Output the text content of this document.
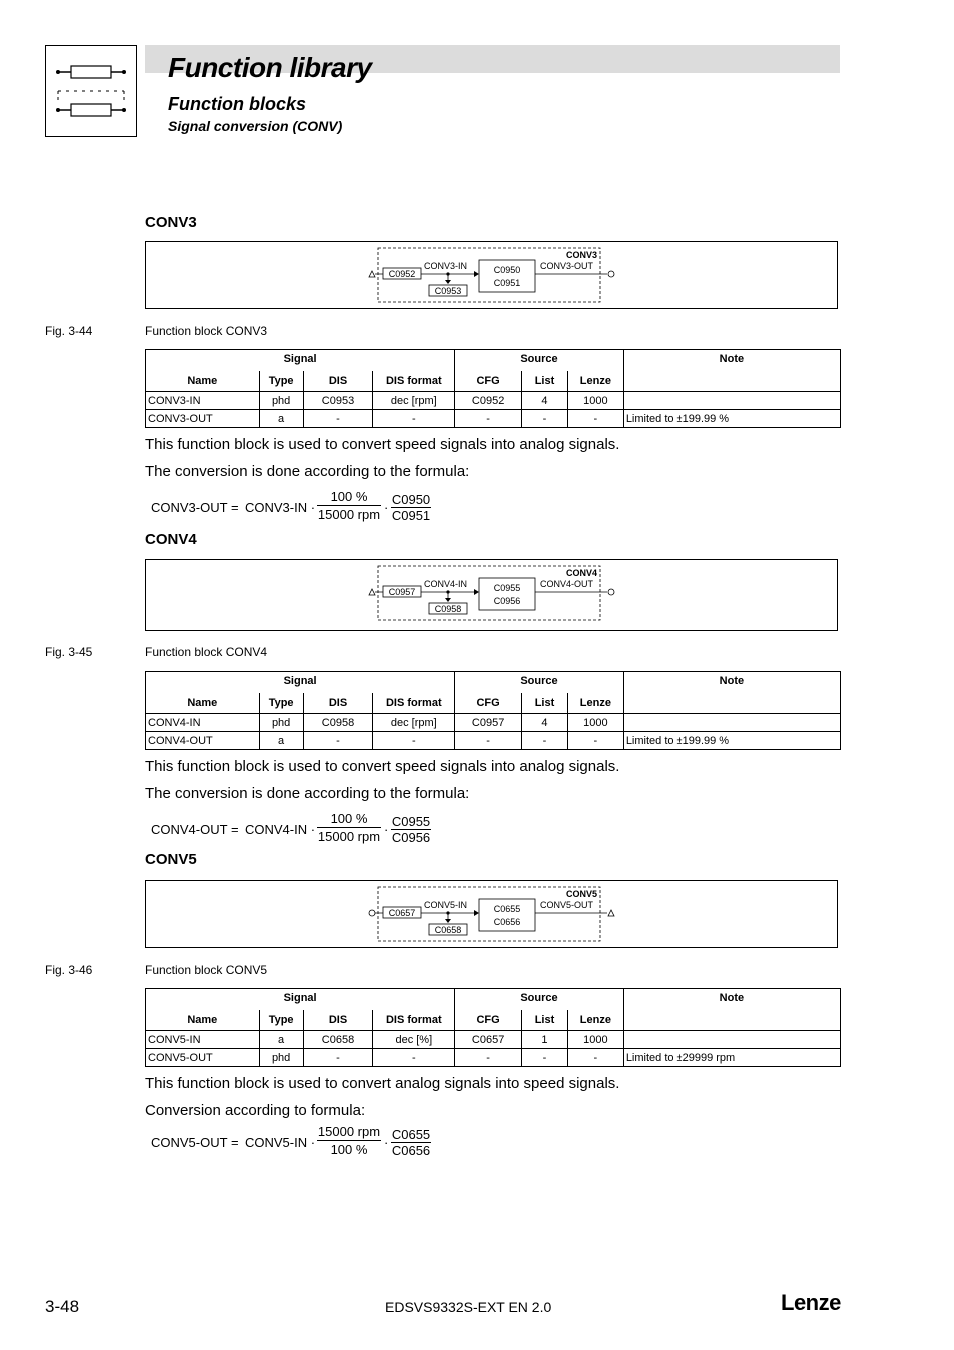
Function library
Function blocks
Signal conversion (CONV)
CONV3
CONV3
C0952
CONV3-IN
C0953
C0950
C0951
CONV3-OUT
Fig. 3-44	Function block CONV3
Signal				Source			Note
Name	Type	DIS	DIS format	CFG	List	Lenze	
CONV3-IN	phd	C0953	dec [rpm]	C0952	4	1000	
CONV3-OUT	a	-	-	-	-	-	Limited to ±199.99 %
This function block is used to convert speed signals into analog signals.
The conversion is done according to the formula:
CONV3-OUT = CONV3-IN ·	·
100 %
15000 rpm
C0950
C0951
CONV4
CONV4
C0957
CONV4-IN
C0958
C0955
C0956
CONV4-OUT
Fig. 3-45	Function block CONV4
Signal				Source			Note
Name	Type	DIS	DIS format	CFG	List	Lenze	
CONV4-IN	phd	C0958	dec [rpm]	C0957	4	1000	
CONV4-OUT	a	-	-	-	-	-	Limited to ±199.99 %
This function block is used to convert speed signals into analog signals.
The conversion is done according to the formula:
CONV4-OUT = CONV4-IN ·	·
100 %
15000 rpm
C0955
C0956
CONV5
CONV5
C0657
CONV5-IN
C0658
C0655
C0656
CONV5-OUT
Fig. 3-46	Function block CONV5
Signal				Source			Note
Name	Type	DIS	DIS format	CFG	List	Lenze	
CONV5-IN	a	C0658	dec [%]	C0657	1	1000	
CONV5-OUT	phd	-	-	-	-	-	Limited to ±29999 rpm
This function block is used to convert analog signals into speed signals.
Conversion according to formula:
CONV5-OUT = CONV5-IN ·	·
15000 rpm
100 %
C0655
C0656
3-48	EDSVS9332S-EXT EN 2.0	Lenze
